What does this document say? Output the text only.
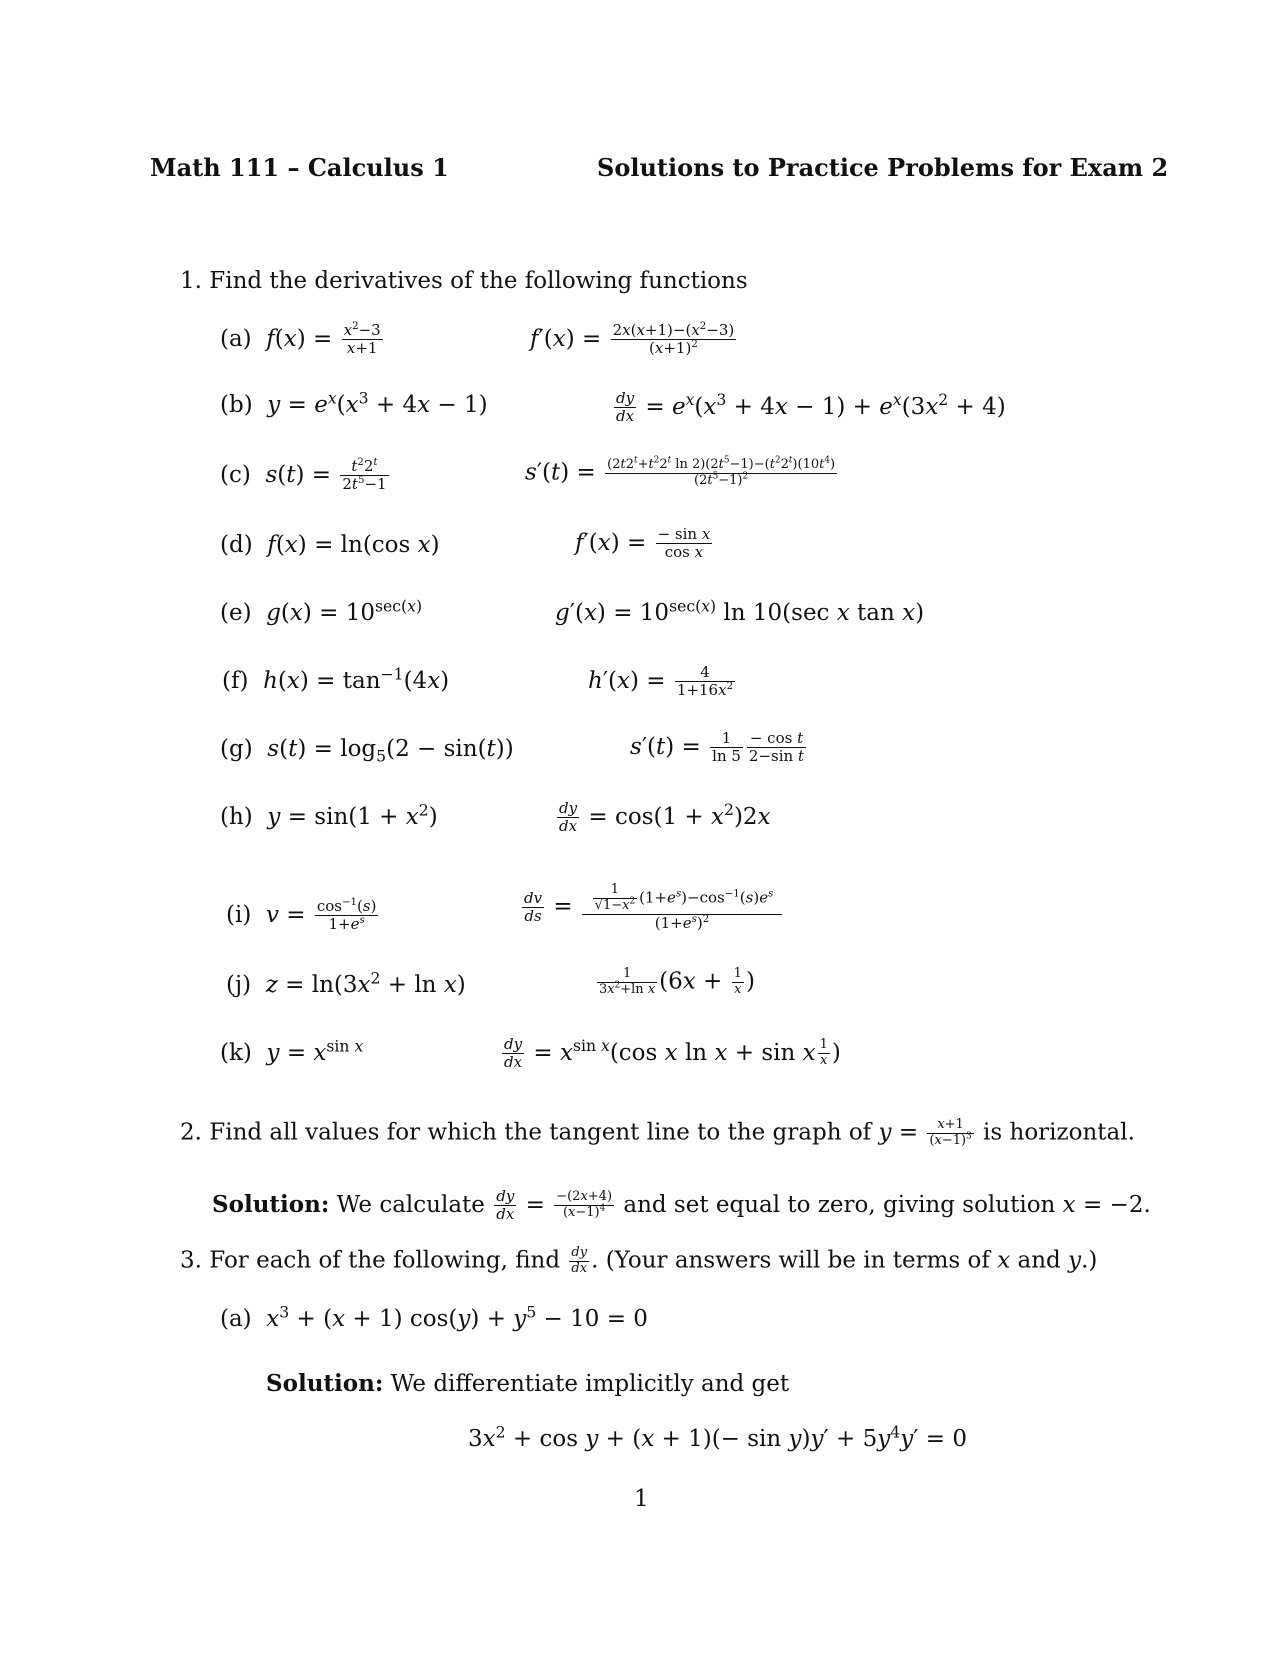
Math 111 – Calculus 1	Solutions to Practice Problems for Exam 2
1. Find the derivatives of the following functions
(a)  $f(x) = \frac{x^2-3}{x+1}$	$f'(x) = \frac{2x(x+1)-(x^2-3)}{(x+1)^2}$
(b)  $y = e^x(x^3 + 4x - 1)$	$\frac{dy}{dx} = e^x(x^3 + 4x - 1) + e^x(3x^2 + 4)$
(c)  $s(t) = \frac{t^22^t}{2t^5-1}$	$s'(t) = \frac{(2t2^t+t^22^t \ln 2)(2t^5-1)-(t^22^t)(10t^4)}{(2t^5-1)^2}$
(d)  f(x) = ln(cos x)	$f'(x) = \frac{\text{− sin x}}{\text{cos x}}$
(e)  $g(x) = 10^{sec(x)}$	$g'(x) = 10^{sec(x)}$ ln 10(sec x tan x)
(f)  $h(x) = \tan^{-1}(4x)$	$h'(x) = \frac{4}{1+16x^2}$
(g)  $s(t) = \log_5(2 - \sin(t))$	$s'(t) = \frac{1}{\ln 5} \frac{\text{− cos t}}{\text{2−sin t}}$
(h)  $y = \sin(1 + x^2)$	$\frac{dy}{dx} = \cos(1 + x^2)2x$
(i)  $v = \frac{\cos^{-1}(s)}{1+e^s}$	$\frac{dv}{ds} = \frac{\frac{1}{√1-x^2} (1+e^s)-\cos^{-1}(s)e^s}{(1+e^s)^2}$
(j)  $z = \ln(3x^2 + \ln x)$	$\frac{1}{3x^2+\ln x} (6x + \frac{1}{x}$ )
(k)  $y = x^{sin x}$	$\frac{dy}{dx} = x^{sin x}(\cos$ x ln x + sin x $\frac{1}{x}$ )
2. Find all values for which the tangent line to the graph of $y = \frac{x+1}{(x-1)^3}$ is horizontal.
Solution: We calculate $\frac{dy}{dx} = \frac{-(2x+4)}{(x-1)^4}$ and set equal to zero, giving solution x = −2.
3. For each of the following, find $\frac{dy}{dx}$ . (Your answers will be in terms of x and y.)
(a)  $x^3 + (x + 1) \cos(y) + y^5 - 10 = 0$
Solution: We differentiate implicitly and get
$3x^2 + \cos y + (x + 1)(- \sin y)y' + 5y^4y' = 0$
1
